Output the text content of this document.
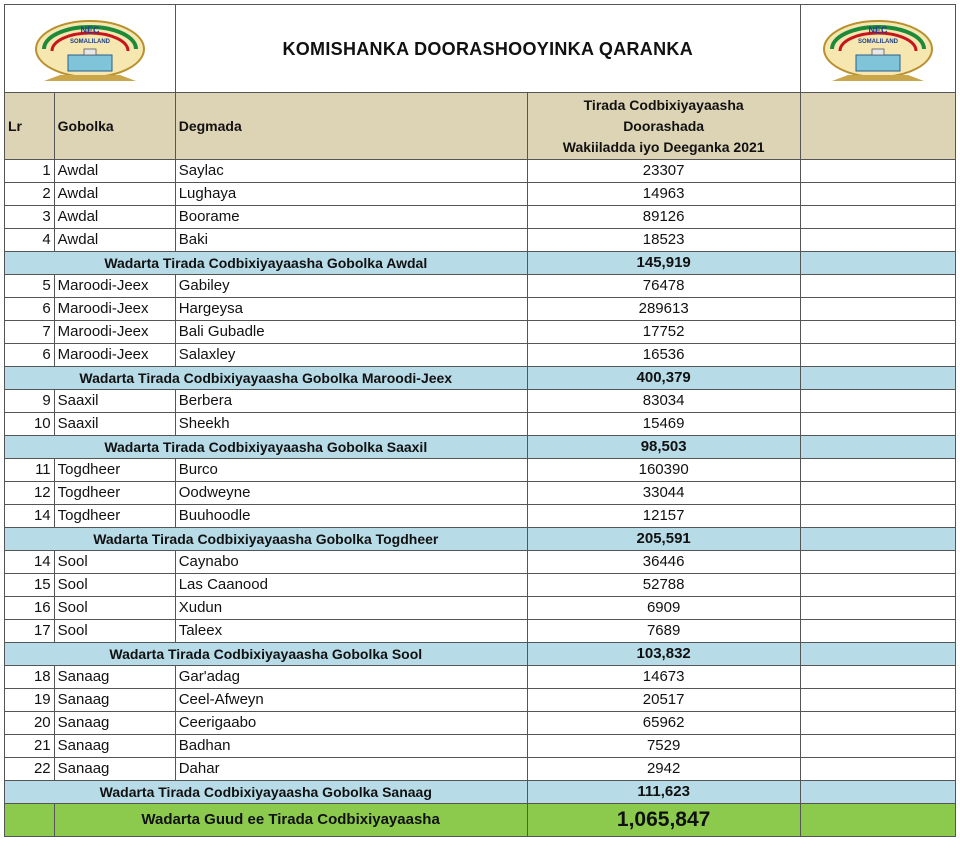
NEC
SOMALILAND		KOMISHANKA DOORASHOOYINKA QARANKA		NEC
SOMALILAND

Lr	Gobolka	Degmada	Tirada Codbixiyayaasha
Doorashada
Wakiiladda iyo Deeganka 2021	

1	Awdal	Saylac	23307	
2	Awdal	Lughaya	14963	
3	Awdal	Boorame	89126	
4	Awdal	Baki	18523	
Wadarta Tirada Codbixiyayaasha Gobolka Awdal			145,919	
5	Maroodi-Jeex	Gabiley	76478	
6	Maroodi-Jeex	Hargeysa	289613	
7	Maroodi-Jeex	Bali Gubadle	17752	
6	Maroodi-Jeex	Salaxley	16536	
Wadarta Tirada Codbixiyayaasha Gobolka Maroodi-Jeex			400,379	
9	Saaxil	Berbera	83034	
10	Saaxil	Sheekh	15469	
Wadarta Tirada Codbixiyayaasha Gobolka Saaxil			98,503	
11	Togdheer	Burco	160390	
12	Togdheer	Oodweyne	33044	
14	Togdheer	Buuhoodle	12157	
Wadarta Tirada Codbixiyayaasha Gobolka Togdheer			205,591	
14	Sool	Caynabo	36446	
15	Sool	Las Caanood	52788	
16	Sool	Xudun	6909	
17	Sool	Taleex	7689	
Wadarta Tirada Codbixiyayaasha Gobolka Sool			103,832	
18	Sanaag	Gar'adag	14673	
19	Sanaag	Ceel-Afweyn	20517	
20	Sanaag	Ceerigaabo	65962	
21	Sanaag	Badhan	7529	
22	Sanaag	Dahar	2942	
Wadarta Tirada Codbixiyayaasha Gobolka Sanaag			111,623	
	Wadarta Guud ee Tirada Codbixiyayaasha		1,065,847	
